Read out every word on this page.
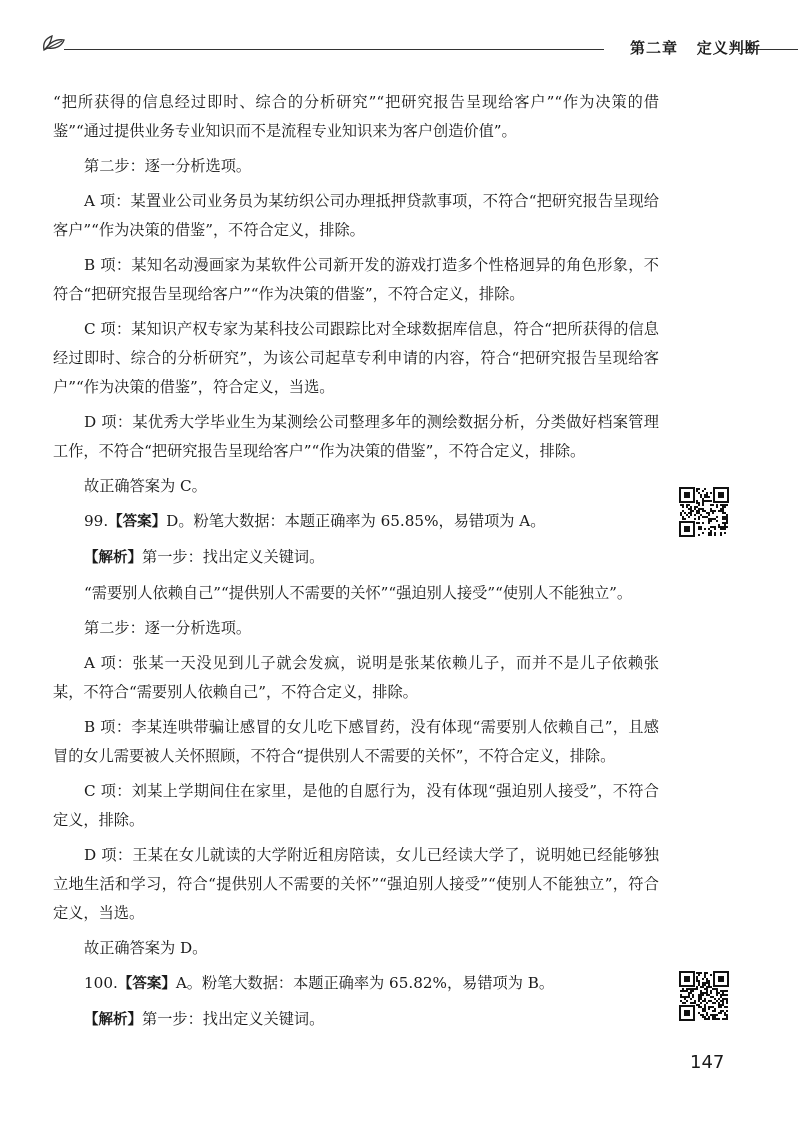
第二章 定义判断

“把所获得的信息经过即时、综合的分析研究”“把研究报告呈现给客户”“作为决策的借鉴”“通过提供业务专业知识而不是流程专业知识来为客户创造价值”。

第二步：逐一分析选项。

A 项：某置业公司业务员为某纺织公司办理抵押贷款事项，不符合“把研究报告呈现给客户”“作为决策的借鉴”，不符合定义，排除。

B 项：某知名动漫画家为某软件公司新开发的游戏打造多个性格迥异的角色形象，不符合“把研究报告呈现给客户”“作为决策的借鉴”，不符合定义，排除。

C 项：某知识产权专家为某科技公司跟踪比对全球数据库信息，符合“把所获得的信息经过即时、综合的分析研究”，为该公司起草专利申请的内容，符合“把研究报告呈现给客户”“作为决策的借鉴”，符合定义，当选。

D 项：某优秀大学毕业生为某测绘公司整理多年的测绘数据分析，分类做好档案管理工作，不符合“把研究报告呈现给客户”“作为决策的借鉴”，不符合定义，排除。

故正确答案为 C。

99.【答案】D。粉笔大数据：本题正确率为 65.85%，易错项为 A。

【解析】第一步：找出定义关键词。

“需要别人依赖自己”“提供别人不需要的关怀”“强迫别人接受”“使别人不能独立”。

第二步：逐一分析选项。

A 项：张某一天没见到儿子就会发疯，说明是张某依赖儿子，而并不是儿子依赖张某，不符合“需要别人依赖自己”，不符合定义，排除。

B 项：李某连哄带骗让感冒的女儿吃下感冒药，没有体现“需要别人依赖自己”，且感冒的女儿需要被人关怀照顾，不符合“提供别人不需要的关怀”，不符合定义，排除。

C 项：刘某上学期间住在家里，是他的自愿行为，没有体现“强迫别人接受”，不符合定义，排除。

D 项：王某在女儿就读的大学附近租房陪读，女儿已经读大学了，说明她已经能够独立地生活和学习，符合“提供别人不需要的关怀”“强迫别人接受”“使别人不能独立”，符合定义，当选。

故正确答案为 D。

100.【答案】A。粉笔大数据：本题正确率为 65.82%，易错项为 B。

【解析】第一步：找出定义关键词。

147
